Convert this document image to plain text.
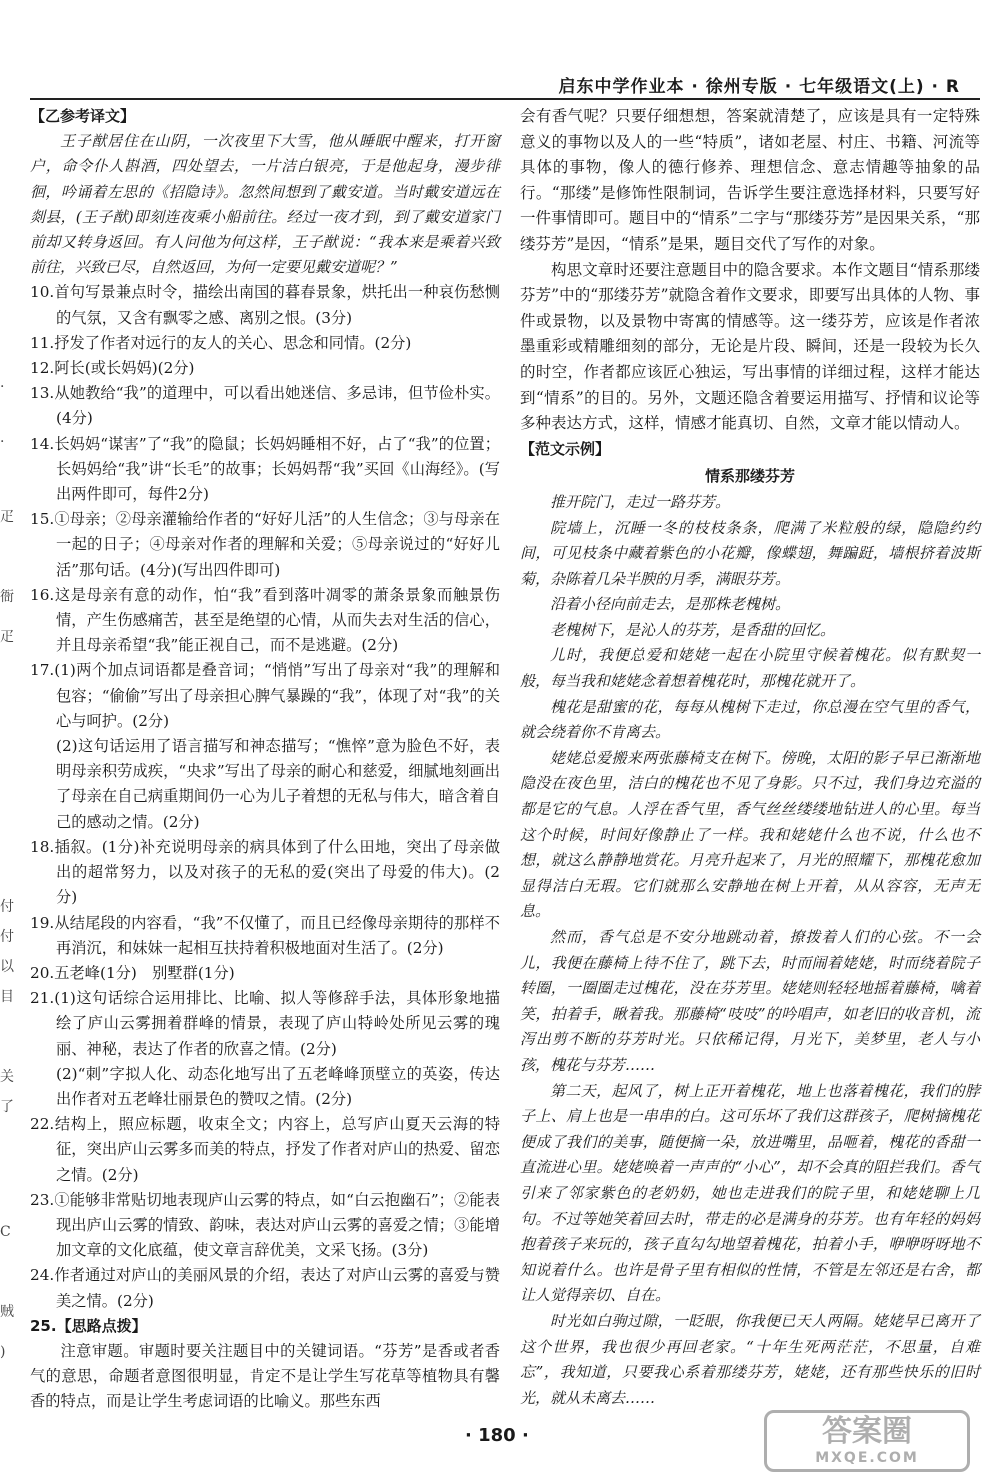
启东中学作业本 · 徐州专版 · 七年级语文(上) · R
·
·
疋
衙
疋
付
付
以
目
关
了
C
贼
)

【乙参考译文】

王子猷居住在山阴，一次夜里下大雪，他从睡眠中醒来，打开窗户，命令仆人斟酒，四处望去，一片洁白银亮，于是他起身，漫步徘徊，吟诵着左思的《招隐诗》。忽然间想到了戴安道。当时戴安道远在剡县，(王子猷)即刻连夜乘小船前往。经过一夜才到，到了戴安道家门前却又转身返回。有人问他为何这样，王子猷说：“我本来是乘着兴致前往，兴致已尽，自然返回，为何一定要见戴安道呢？”

10.首句写景兼点时令，描绘出南国的暮春景象，烘托出一种哀伤愁恻的气氛，又含有飘零之感、离别之恨。(3分)

11.抒发了作者对远行的友人的关心、思念和同情。(2分)

12.阿长(或长妈妈)(2分)

13.从她教给“我”的道理中，可以看出她迷信、多忌讳，但节俭朴实。(4分)

14.长妈妈“谋害”了“我”的隐鼠；长妈妈睡相不好，占了“我”的位置；长妈妈给“我”讲“长毛”的故事；长妈妈帮“我”买回《山海经》。(写出两件即可，每件2分)

15.①母亲；②母亲灌输给作者的“好好儿活”的人生信念；③与母亲在一起的日子；④母亲对作者的理解和关爱；⑤母亲说过的“好好儿活”那句话。(4分)(写出四件即可)

16.这是母亲有意的动作，怕“我”看到落叶凋零的萧条景象而触景伤情，产生伤感痛苦，甚至是绝望的心情，从而失去对生活的信心，并且母亲希望“我”能正视自己，而不是逃避。(2分)

17.(1)两个加点词语都是叠音词；“悄悄”写出了母亲对“我”的理解和包容；“偷偷”写出了母亲担心脾气暴躁的“我”，体现了对“我”的关心与呵护。(2分)

(2)这句话运用了语言描写和神态描写；“憔悴”意为脸色不好，表明母亲积劳成疾，“央求”写出了母亲的耐心和慈爱，细腻地刻画出了母亲在自己病重期间仍一心为儿子着想的无私与伟大，暗含着自己的感动之情。(2分)

18.插叙。(1分)补充说明母亲的病具体到了什么田地，突出了母亲做出的超常努力，以及对孩子的无私的爱(突出了母爱的伟大)。(2分)

19.从结尾段的内容看，“我”不仅懂了，而且已经像母亲期待的那样不再消沉，和妹妹一起相互扶持着积极地面对生活了。(2分)

20.五老峰(1分)　别墅群(1分)

21.(1)这句话综合运用排比、比喻、拟人等修辞手法，具体形象地描绘了庐山云雾拥着群峰的情景，表现了庐山特岭处所见云雾的瑰丽、神秘，表达了作者的欣喜之情。(2分)

(2)“刺”字拟人化、动态化地写出了五老峰峰顶壁立的英姿，传达出作者对五老峰壮丽景色的赞叹之情。(2分)

22.结构上，照应标题，收束全文；内容上，总写庐山夏天云海的特征，突出庐山云雾多而美的特点，抒发了作者对庐山的热爱、留恋之情。(2分)

23.①能够非常贴切地表现庐山云雾的特点，如“白云抱幽石”；②能表现出庐山云雾的情致、韵味，表达对庐山云雾的喜爱之情；③能增加文章的文化底蕴，使文章言辞优美，文采飞扬。(3分)

24.作者通过对庐山的美丽风景的介绍，表达了对庐山云雾的喜爱与赞美之情。(2分)

25.【思路点拨】

注意审题。审题时要关注题目中的关键词语。“芬芳”是香或者香气的意思，命题者意图很明显，肯定不是让学生写花草等植物具有馨香的特点，而是让学生考虑词语的比喻义。那些东西

会有香气呢？只要仔细想想，答案就清楚了，应该是具有一定特殊意义的事物以及人的一些“特质”，诸如老屋、村庄、书籍、河流等具体的事物，像人的德行修养、理想信念、意志情趣等抽象的品行。“那缕”是修饰性限制词，告诉学生要注意选择材料，只要写好一件事情即可。题目中的“情系”二字与“那缕芬芳”是因果关系，“那缕芬芳”是因，“情系”是果，题目交代了写作的对象。

构思文章时还要注意题目中的隐含要求。本作文题目“情系那缕芬芳”中的“那缕芬芳”就隐含着作文要求，即要写出具体的人物、事件或景物，以及景物中寄寓的情感等。这一缕芬芳，应该是作者浓墨重彩或精雕细刻的部分，无论是片段、瞬间，还是一段较为长久的时空，作者都应该匠心独运，写出事情的详细过程，这样才能达到“情系”的目的。另外，文题还隐含着要运用描写、抒情和议论等多种表达方式，这样，情感才能真切、自然，文章才能以情动人。

【范文示例】

情系那缕芬芳

推开院门，走过一路芬芳。

院墙上，沉睡一冬的枝枝条条，爬满了米粒般的绿，隐隐约约间，可见枝条中藏着紫色的小花瓣，像蝶翅，舞蹁跹，墙根挤着波斯菊，杂陈着几朵半腴的月季，满眼芬芳。

沿着小径向前走去，是那株老槐树。

老槐树下，是沁人的芬芳，是香甜的回忆。

儿时，我便总爱和姥姥一起在小院里守候着槐花。似有默契一般，每当我和姥姥念着想着槐花时，那槐花就开了。

槐花是甜蜜的花，每每从槐树下走过，你总漫在空气里的香气，就会绕着你不肯离去。

姥姥总爱搬来两张藤椅支在树下。傍晚，太阳的影子早已渐渐地隐没在夜色里，洁白的槐花也不见了身影。只不过，我们身边充溢的都是它的气息。人浮在香气里，香气丝丝缕缕地钻进人的心里。每当这个时候，时间好像静止了一样。我和姥姥什么也不说，什么也不想，就这么静静地赏花。月亮升起来了，月光的照耀下，那槐花愈加显得洁白无瑕。它们就那么安静地在树上开着，从从容容，无声无息。

然而，香气总是不安分地跳动着，撩拨着人们的心弦。不一会儿，我便在藤椅上待不住了，跳下去，时而闹着姥姥，时而绕着院子转圈，一圈圈走过槐花，没在芬芳里。姥姥则轻轻地摇着藤椅，噙着笑，拍着手，瞅着我。那藤椅“吱吱”的吟唱声，如老旧的收音机，流泻出剪不断的芬芳时光。只依稀记得，月光下，美梦里，老人与小孩，槐花与芬芳……

第二天，起风了，树上正开着槐花，地上也落着槐花，我们的脖子上、肩上也是一串串的白。这可乐坏了我们这群孩子，爬树摘槐花便成了我们的美事，随便摘一朵，放进嘴里，品咂着，槐花的香甜一直流进心里。姥姥唤着一声声的“小心”，却不会真的阻拦我们。香气引来了邻家紫色的老奶奶，她也走进我们的院子里，和姥姥聊上几句。不过等她笑着回去时，带走的必是满身的芬芳。也有年轻的妈妈抱着孩子来玩的，孩子直勾勾地望着槐花，拍着小手，咿咿呀呀地不知说着什么。也许是骨子里有相似的性情，不管是左邻还是右舍，都让人觉得亲切、自在。

时光如白驹过隙，一眨眼，你我便已天人两隔。姥姥早已离开了这个世界，我也很少再回老家。“十年生死两茫茫，不思量，自难忘”，我知道，只要我心系着那缕芬芳，姥姥，还有那些快乐的旧时光，就从未离去……

· 180 ·	答案圈
MXQE.COM
